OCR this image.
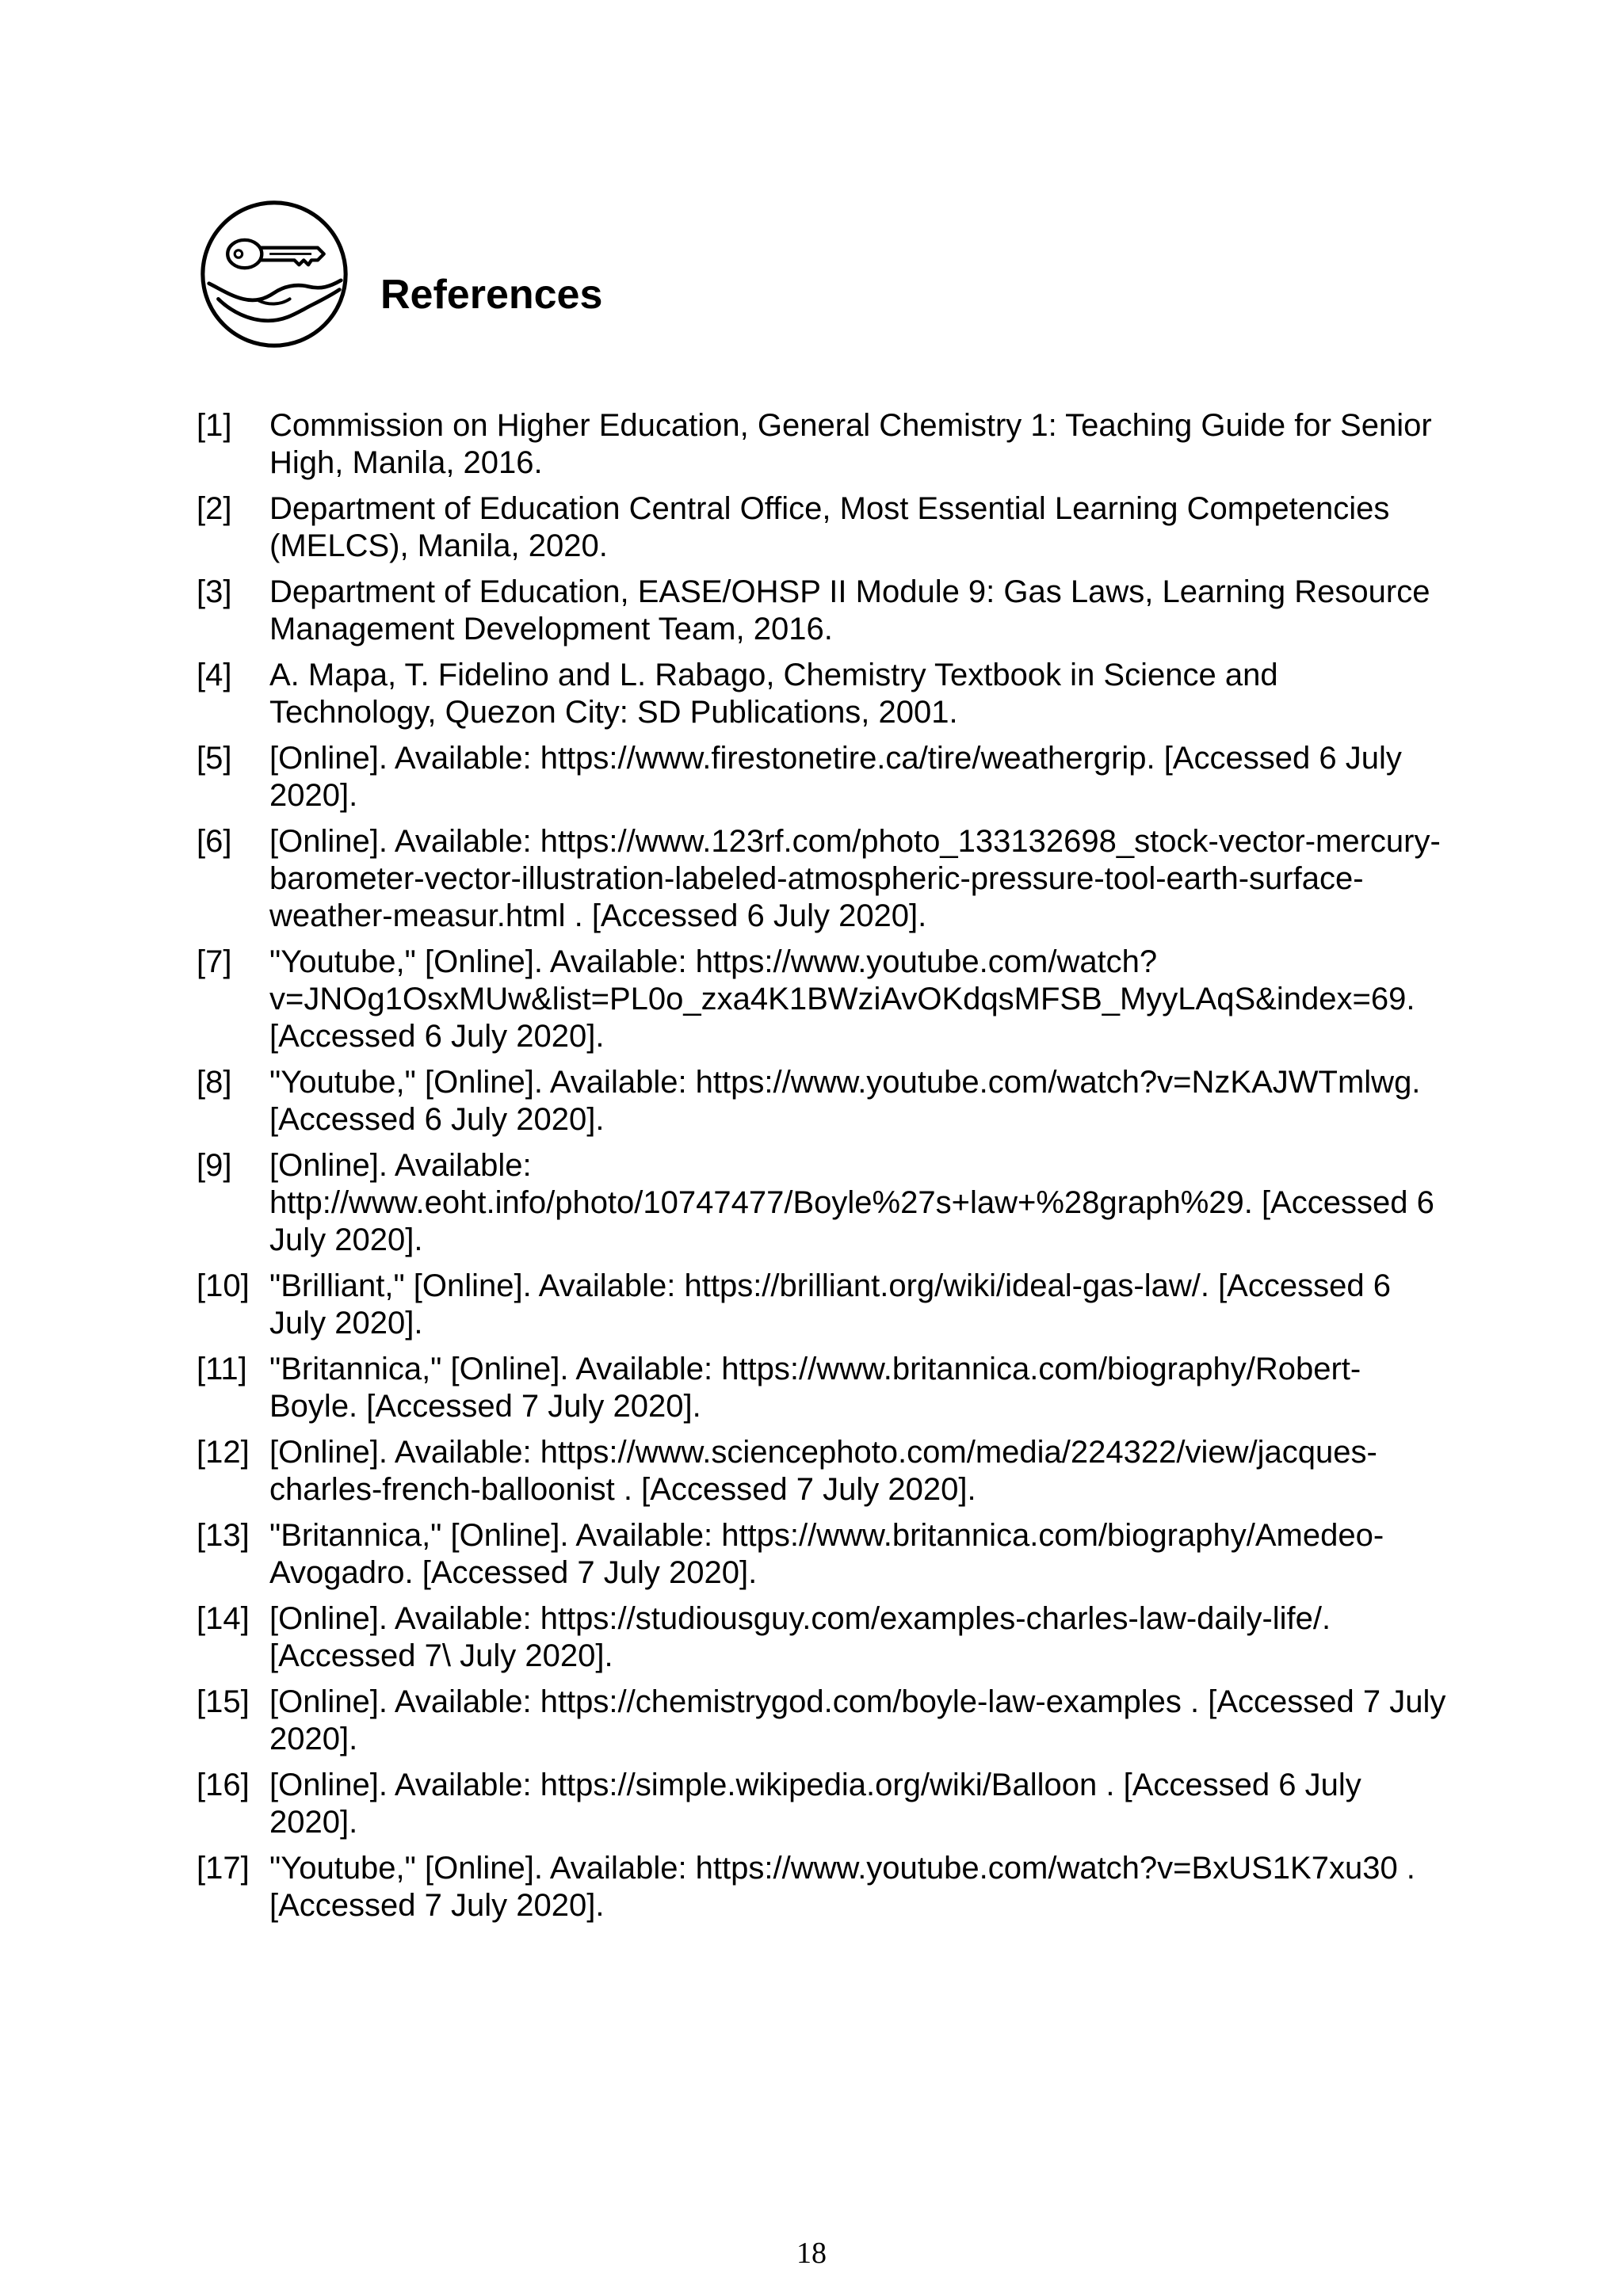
References
[1]	Commission on Higher Education, General Chemistry 1: Teaching Guide for Senior High, Manila, 2016.
[2]	Department of Education Central Office, Most Essential Learning Competencies (MELCS), Manila, 2020.
[3]	Department of Education, EASE/OHSP II Module 9: Gas Laws, Learning Resource Management Development Team, 2016.
[4]	A. Mapa, T. Fidelino and L. Rabago, Chemistry Textbook in Science and Technology, Quezon City: SD Publications, 2001.
[5]	[Online]. Available: https://www.firestonetire.ca/tire/weathergrip. [Accessed 6 July 2020].
[6]	[Online]. Available: https://www.123rf.com/photo_133132698_stock-vector-mercury-barometer-vector-illustration-labeled-atmospheric-pressure-tool-earth-surface-weather-measur.html . [Accessed 6 July 2020].
[7]	"Youtube," [Online]. Available: https://www.youtube.com/watch?v=JNOg1OsxMUw&list=PL0o_zxa4K1BWziAvOKdqsMFSB_MyyLAqS&index=69. [Accessed 6 July 2020].
[8]	"Youtube," [Online]. Available: https://www.youtube.com/watch?v=NzKAJWTmlwg. [Accessed 6 July 2020].
[9]	[Online]. Available: http://www.eoht.info/photo/10747477/Boyle%27s+law+%28graph%29. [Accessed 6 July 2020].
[10] "Brilliant," [Online]. Available: https://brilliant.org/wiki/ideal-gas-law/. [Accessed 6 July 2020].
[11] "Britannica," [Online]. Available: https://www.britannica.com/biography/Robert-Boyle. [Accessed 7 July 2020].
[12] [Online]. Available: https://www.sciencephoto.com/media/224322/view/jacques-charles-french-balloonist . [Accessed 7 July 2020].
[13] "Britannica," [Online]. Available: https://www.britannica.com/biography/Amedeo-Avogadro. [Accessed 7 July 2020].
[14] [Online]. Available: https://studiousguy.com/examples-charles-law-daily-life/. [Accessed 7\ July 2020].
[15] [Online]. Available: https://chemistrygod.com/boyle-law-examples . [Accessed 7 July 2020].
[16] [Online]. Available: https://simple.wikipedia.org/wiki/Balloon . [Accessed 6 July 2020].
[17] "Youtube," [Online]. Available: https://www.youtube.com/watch?v=BxUS1K7xu30 . [Accessed 7 July 2020].
18
